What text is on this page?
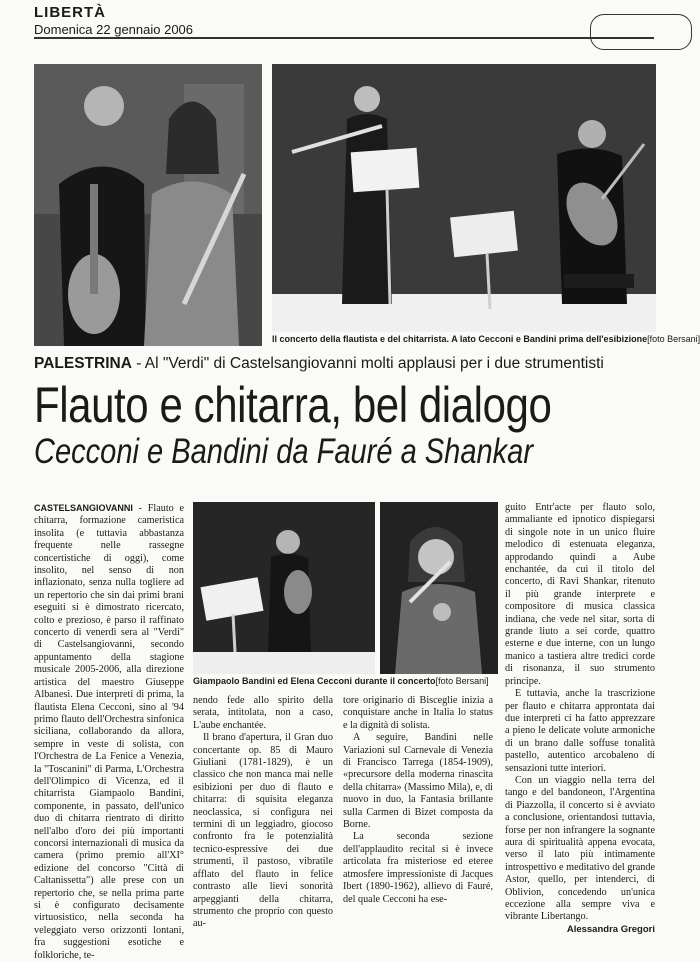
LIBERTÀ
Domenica 22 gennaio 2006
Il concerto della flautista e del chitarrista. A lato Cecconi e Bandini prima dell'esibizione[foto Bersani]
PALESTRINA - Al "Verdi" di Castelsangiovanni molti applausi per i due strumentisti
Flauto e chitarra, bel dialogo
Cecconi e Bandini da Fauré a Shankar
Giampaolo Bandini ed Elena Cecconi durante il concerto[foto Bersani]

CASTELSANGIOVANNI - Flauto e chitarra, formazione cameristica insolita (e tuttavia abbastanza frequente nelle rassegne concertistiche di oggi), come insolito, nel senso di non inflazionato, senza nulla togliere ad un repertorio che sin dai primi brani eseguiti si è dimostrato ricercato, colto e prezioso, è parso il raffinato concerto di venerdì sera al "Verdi" di Castelsangiovanni, secondo appuntamento della stagione musicale 2005-2006, alla direzione artistica del maestro Giuseppe Albanesi. Due interpreti di prima, la flautista Elena Cecconi, sino al '94 primo flauto dell'Orchestra sinfonica siciliana, collaborando da allora, sempre in veste di solista, con l'Orchestra de La Fenice a Venezia, la "Toscanini" di Parma, L'Orchestra dell'Olimpico di Vicenza, ed il chitarrista Giampaolo Bandini, componente, in passato, dell'unico duo di chitarra rientrato di diritto nell'albo d'oro dei più importanti concorsi internazionali di musica da camera (primo premio all'XI° edizione del concorso "Città di Caltanissetta") alle prese con un repertorio che, se nella prima parte si è configurato decisamente virtuosistico, nella seconda ha veleggiato verso orizzonti lontani, fra suggestioni esotiche e folkloriche, te-

nendo fede allo spirito della serata, intitolata, non a caso, L'aube enchantée.

Il brano d'apertura, il Gran duo concertante op. 85 di Mauro Giuliani (1781-1829), è un classico che non manca mai nelle esibizioni per duo di flauto e chitarra: di squisita eleganza neoclassica, si configura nei termini di un leggiadro, giocoso confronto fra le potenzialità tecnico-espressive dei due strumenti, il pastoso, vibratile afflato del flauto in felice contrasto alle lievi sonorità arpeggianti della chitarra, strumento che proprio con questo au-

tore originario di Bisceglie inizia a conquistare anche in Italia lo status e la dignità di solista.

A seguire, Bandini nelle Variazioni sul Carnevale di Venezia di Francisco Tarrega (1854-1909), «precursore della moderna rinascita della chitarra» (Massimo Mila), e, di nuovo in duo, la Fantasia brillante sulla Carmen di Bizet composta da Borne.

La seconda sezione dell'applaudito recital si è invece articolata fra misteriose ed eteree atmosfere impressioniste di Jacques Ibert (1890-1962), allievo di Fauré, del quale Cecconi ha ese-

guito Entr'acte per flauto solo, ammaliante ed ipnotico dispiegarsi di singole note in un unico fluire melodico di estenuata eleganza, approdando quindi a Aube enchantée, da cui il titolo del concerto, di Ravi Shankar, ritenuto il più grande interprete e compositore di musica classica indiana, che vede nel sitar, sorta di grande liuto a sei corde, quattro esterne e due interne, con un lungo manico a tastiera altre tredici corde di risonanza, il suo strumento principe.

E tuttavia, anche la trascrizione per flauto e chitarra approntata dai due interpreti ci ha fatto apprezzare a pieno le delicate volute armoniche di un brano dalle soffuse tonalità pastello, autentico arcobaleno di sensazioni tutte interiori.

Con un viaggio nella terra del tango e del bandoneon, l'Argentina di Piazzolla, il concerto si è avviato a conclusione, orientandosi tuttavia, forse per non infrangere la sognante aura di spiritualità appena evocata, verso il lato più intimamente introspettivo e meditativo del grande Astor, quello, per intenderci, di Oblivion, concedendo un'unica eccezione alla sempre viva e vibrante Libertango.

Alessandra Gregori
